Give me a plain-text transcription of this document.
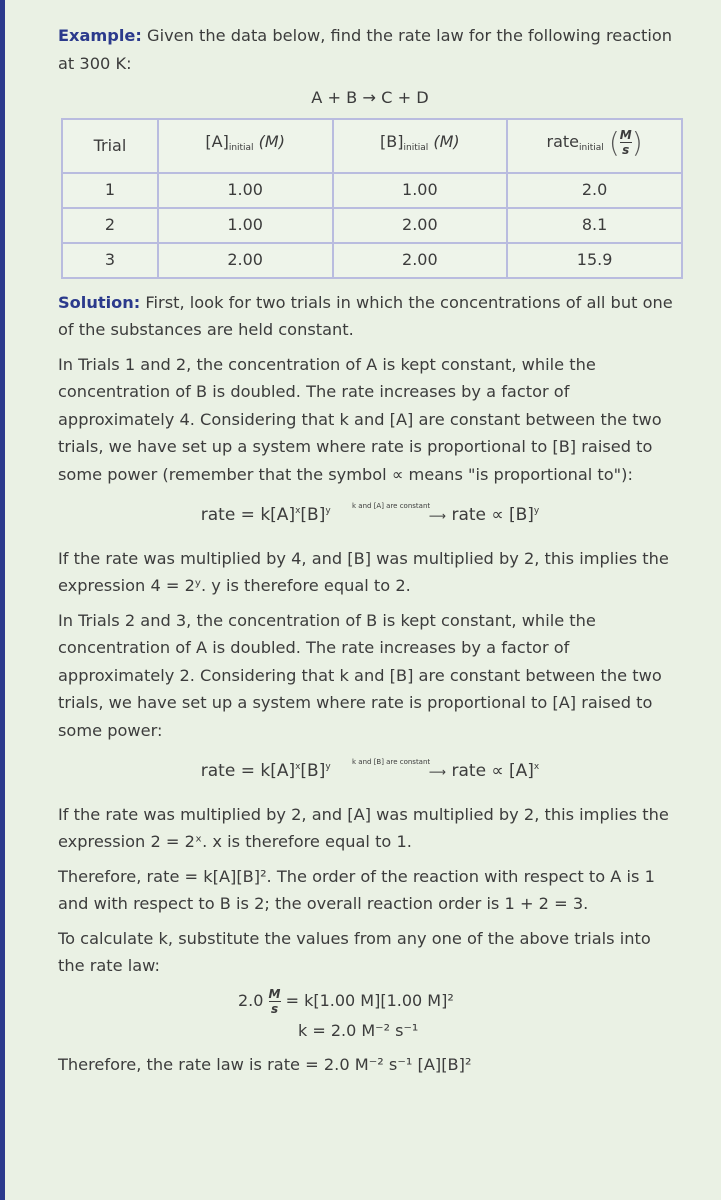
Example: Given the data below, find the rate law for the following reaction at 300 K:

A + B → C + D
Trial	$[A]_{initial}$ (M)	$[B]_{initial}$ (M)	rate$_{initial}$ ( $\frac{M}{s}$ )
1	1.00	1.00	2.0
2	1.00	2.00	8.1
3	2.00	2.00	15.9

Solution: First, look for two trials in which the concentrations of all but one of the substances are held constant.

In Trials 1 and 2, the concentration of A is kept constant, while the concentration of B is doubled. The rate increases by a factor of approximately 4. Considering that k and [A] are constant between the two trials, we have set up a system where rate is proportional to [B] raised to some power (remember that the symbol ∝ means "is proportional to"):

rate = $k[A]^x[B]^y$	k and [A] are constant
⟶ rate ∝ $[B]^y$

If the rate was multiplied by 4, and [B] was multiplied by 2, this implies the expression 4 = 2ʸ. y is therefore equal to 2.

In Trials 2 and 3, the concentration of B is kept constant, while the concentration of A is doubled. The rate increases by a factor of approximately 2. Considering that k and [B] are constant between the two trials, we have set up a system where rate is proportional to [A] raised to some power:

rate = $k[A]^x[B]^y$	k and [B] are constant
⟶ rate ∝ $[A]^x$

If the rate was multiplied by 2, and [A] was multiplied by 2, this implies the expression 2 = 2ˣ. x is therefore equal to 1.

Therefore, rate = k[A][B]². The order of the reaction with respect to A is 1 and with respect to B is 2; the overall reaction order is 1 + 2 = 3.

To calculate k, substitute the values from any one of the above trials into the rate law:

$2.0 \frac{M}{s} = k[1.00$ M][1.00 M]²
k = 2.0 M⁻² s⁻¹

Therefore, the rate law is rate = 2.0 M⁻² s⁻¹ [A][B]²
